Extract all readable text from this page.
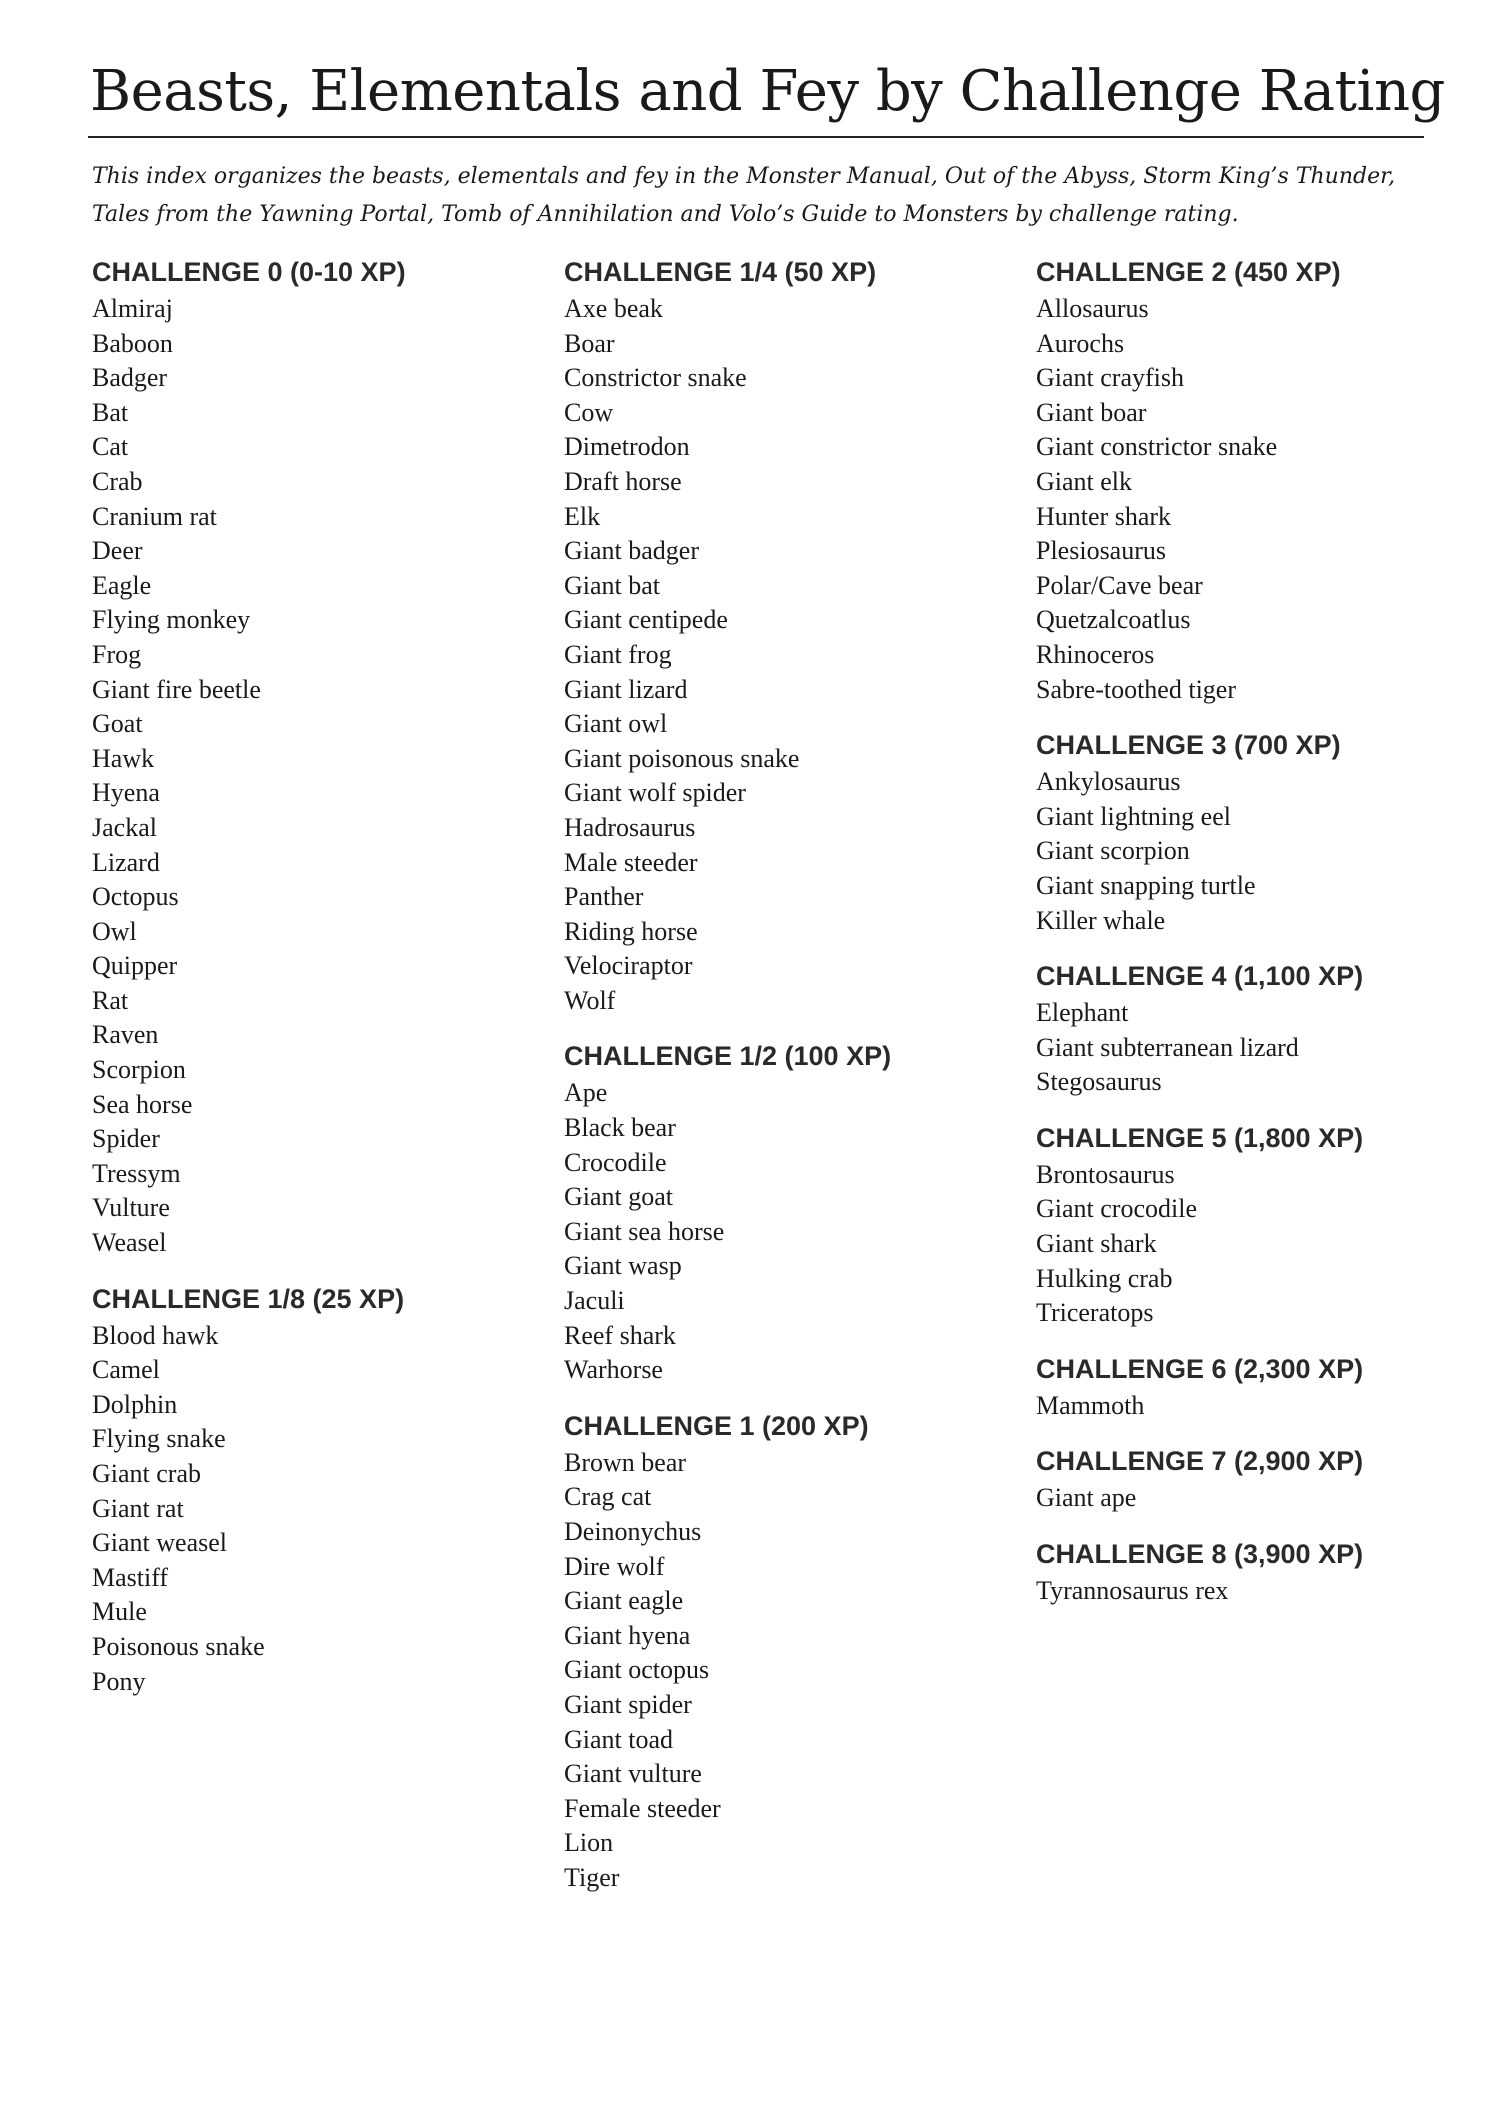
Beasts, Elementals and Fey by Challenge Rating

This index organizes the beasts, elementals and fey in the Monster Manual, Out of the Abyss, Storm King’s Thunder,
Tales from the Yawning Portal, Tomb of Annihilation and Volo’s Guide to Monsters by challenge rating.

CHALLENGE 0 (0-10 XP)
Almiraj
Baboon
Badger
Bat
Cat
Crab
Cranium rat
Deer
Eagle
Flying monkey
Frog
Giant fire beetle
Goat
Hawk
Hyena
Jackal
Lizard
Octopus
Owl
Quipper
Rat
Raven
Scorpion
Sea horse
Spider
Tressym
Vulture
Weasel
CHALLENGE 1/8 (25 XP)
Blood hawk
Camel
Dolphin
Flying snake
Giant crab
Giant rat
Giant weasel
Mastiff
Mule
Poisonous snake
Pony
CHALLENGE 1/4 (50 XP)
Axe beak
Boar
Constrictor snake
Cow
Dimetrodon
Draft horse
Elk
Giant badger
Giant bat
Giant centipede
Giant frog
Giant lizard
Giant owl
Giant poisonous snake
Giant wolf spider
Hadrosaurus
Male steeder
Panther
Riding horse
Velociraptor
Wolf
CHALLENGE 1/2 (100 XP)
Ape
Black bear
Crocodile
Giant goat
Giant sea horse
Giant wasp
Jaculi
Reef shark
Warhorse
CHALLENGE 1 (200 XP)
Brown bear
Crag cat
Deinonychus
Dire wolf
Giant eagle
Giant hyena
Giant octopus
Giant spider
Giant toad
Giant vulture
Female steeder
Lion
Tiger
CHALLENGE 2 (450 XP)
Allosaurus
Aurochs
Giant crayfish
Giant boar
Giant constrictor snake
Giant elk
Hunter shark
Plesiosaurus
Polar/Cave bear
Quetzalcoatlus
Rhinoceros
Sabre-toothed tiger
CHALLENGE 3 (700 XP)
Ankylosaurus
Giant lightning eel
Giant scorpion
Giant snapping turtle
Killer whale
CHALLENGE 4 (1,100 XP)
Elephant
Giant subterranean lizard
Stegosaurus
CHALLENGE 5 (1,800 XP)
Brontosaurus
Giant crocodile
Giant shark
Hulking crab
Triceratops
CHALLENGE 6 (2,300 XP)
Mammoth
CHALLENGE 7 (2,900 XP)
Giant ape
CHALLENGE 8 (3,900 XP)
Tyrannosaurus rex
